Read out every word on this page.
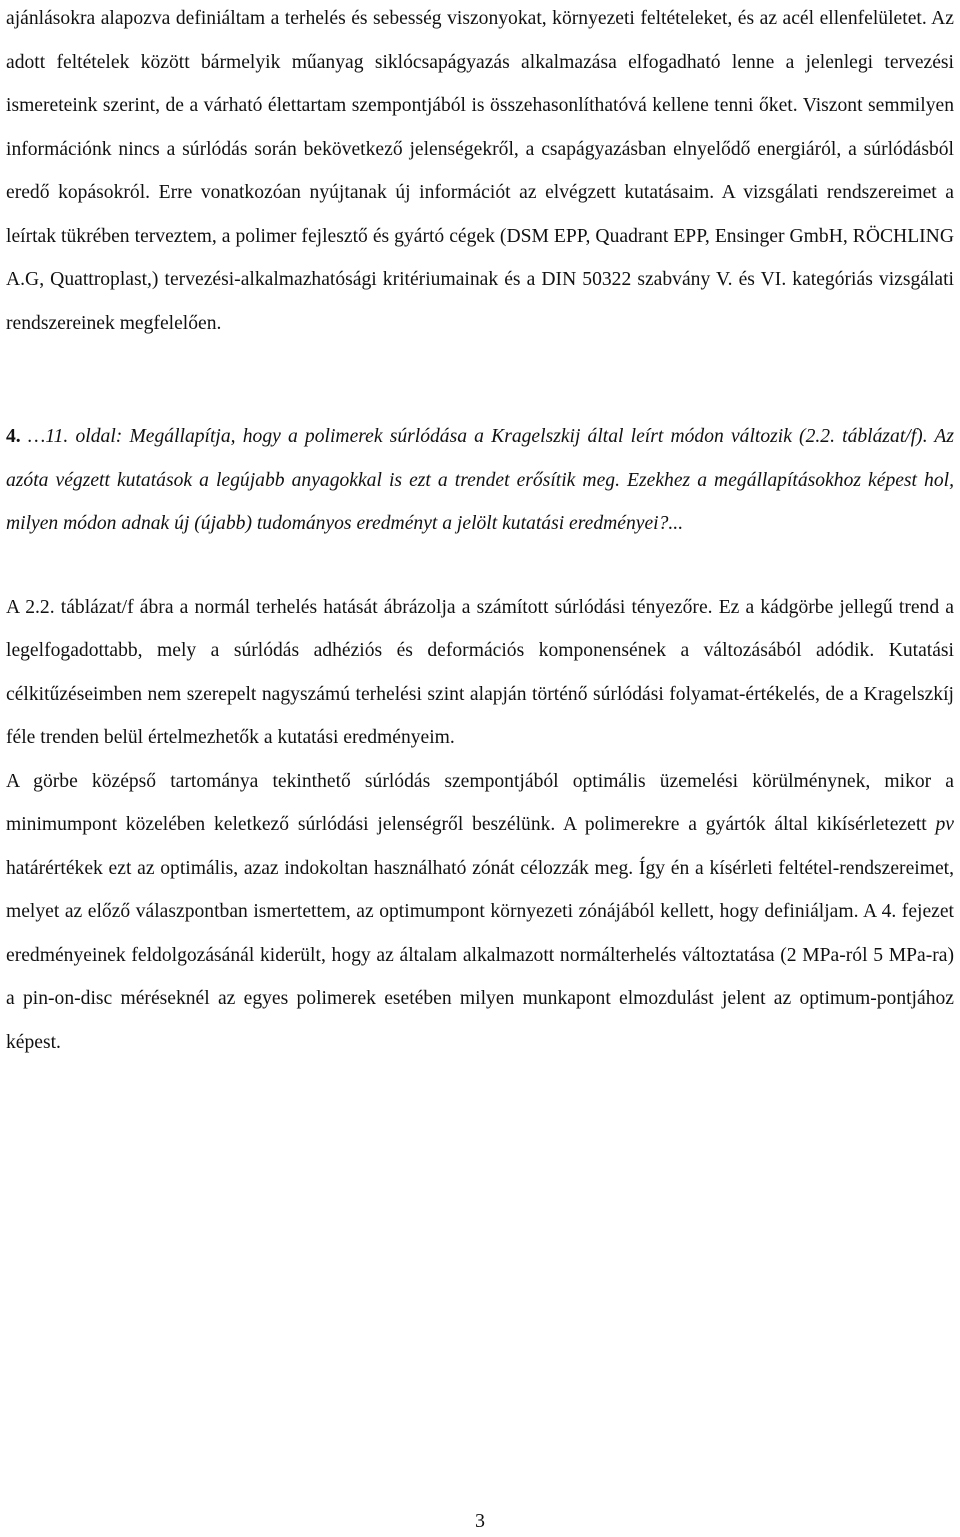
ajánlásokra alapozva definiáltam a terhelés és sebesség viszonyokat, környezeti feltételeket, és az acél ellenfelületet. Az adott feltételek között bármelyik műanyag siklócsapágyazás alkalmazása elfogadható lenne a jelenlegi tervezési ismereteink szerint, de a várható élettartam szempontjából is összehasonlíthatóvá kellene tenni őket. Viszont semmilyen információnk nincs a súrlódás során bekövetkező jelenségekről, a csapágyazásban elnyelődő energiáról, a súrlódásból eredő kopásokról. Erre vonatkozóan nyújtanak új információt az elvégzett kutatásaim. A vizsgálati rendszereimet a leírtak tükrében terveztem, a polimer fejlesztő és gyártó cégek (DSM EPP, Quadrant EPP, Ensinger GmbH, RÖCHLING A.G, Quattroplast,) tervezési-alkalmazhatósági kritériumainak és a DIN 50322 szabvány V. és VI. kategóriás vizsgálati rendszereinek megfelelően.

4. …11. oldal: Megállapítja, hogy a polimerek súrlódása a Kragelszkij által leírt módon változik (2.2. táblázat/f). Az azóta végzett kutatások a legújabb anyagokkal is ezt a trendet erősítik meg. Ezekhez a megállapításokhoz képest hol, milyen módon adnak új (újabb) tudományos eredményt a jelölt kutatási eredményei?...

A 2.2. táblázat/f ábra a normál terhelés hatását ábrázolja a számított súrlódási tényezőre. Ez a kádgörbe jellegű trend a legelfogadottabb, mely a súrlódás adhéziós és deformációs komponensének a változásából adódik. Kutatási célkitűzéseimben nem szerepelt nagyszámú terhelési szint alapján történő súrlódási folyamat-értékelés, de a Kragelszkíj féle trenden belül értelmezhetők a kutatási eredményeim.

A görbe középső tartománya tekinthető súrlódás szempontjából optimális üzemelési körülménynek, mikor a minimumpont közelében keletkező súrlódási jelenségről beszélünk. A polimerekre a gyártók által kikísérletezett pv határértékek ezt az optimális, azaz indokoltan használható zónát célozzák meg. Így én a kísérleti feltétel-rendszereimet, melyet az előző válaszpontban ismertettem, az optimumpont környezeti zónájából kellett, hogy definiáljam. A 4. fejezet eredményeinek feldolgozásánál kiderült, hogy az általam alkalmazott normálterhelés változtatása (2 MPa-ról 5 MPa-ra) a pin-on-disc méréseknél az egyes polimerek esetében milyen munkapont elmozdulást jelent az optimum-pontjához képest.

3
